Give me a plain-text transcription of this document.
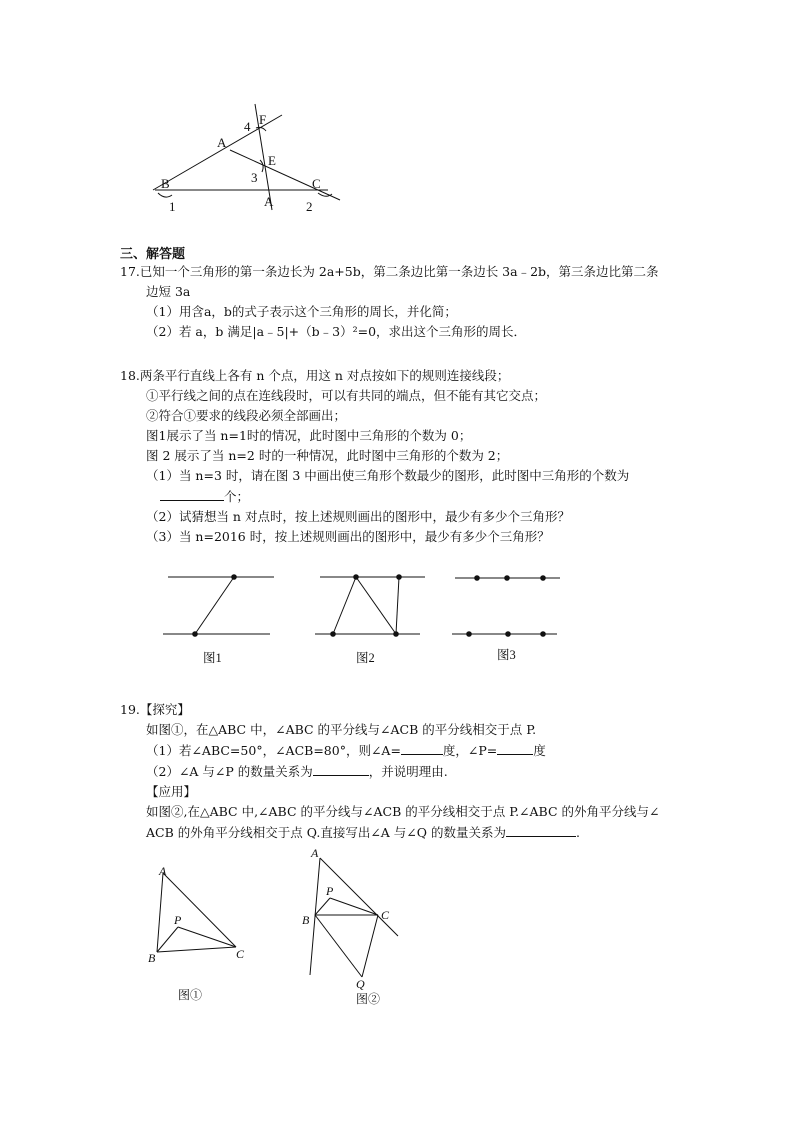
4 F
A
E
3
B	C
1	A	2
三、解答题
17.已知一个三角形的第一条边长为 2a+5b，第二条边比第一条边长 3a﹣2b，第三条边比第二条
边短 3a
（1）用含a，b的式子表示这个三角形的周长，并化简；
（2）若 a，b 满足|a﹣5|+（b﹣3）²=0，求出这个三角形的周长．
18.两条平行直线上各有 n 个点，用这 n 对点按如下的规则连接线段；
①平行线之间的点在连线段时，可以有共同的端点，但不能有其它交点；
②符合①要求的线段必须全部画出；
图1展示了当 n=1时的情况，此时图中三角形的个数为 0；
图 2 展示了当 n=2 时的一种情况，此时图中三角形的个数为 2；
（1）当 n=3 时，请在图 3 中画出使三角形个数最少的图形，此时图中三角形的个数为
个；
（2）试猜想当 n 对点时，按上述规则画出的图形中，最少有多少个三角形？
（3）当 n=2016 时，按上述规则画出的图形中，最少有多少个三角形？
图1	图2	图3
19.【探究】
如图①，在△ABC 中，∠ABC 的平分线与∠ACB 的平分线相交于点 P.
（1）若∠ABC=50°，∠ACB=80°，则∠A=	度，∠P=	度
（2）∠A 与∠P 的数量关系为	，并说明理由.
【应用】
如图②,在△ABC 中,∠ABC 的平分线与∠ACB 的平分线相交于点 P.∠ABC 的外角平分线与∠
ACB 的外角平分线相交于点 Q.直接写出∠A 与∠Q 的数量关系为	.
A
P
B	C
图①
A
P
B	C
Q
图②
